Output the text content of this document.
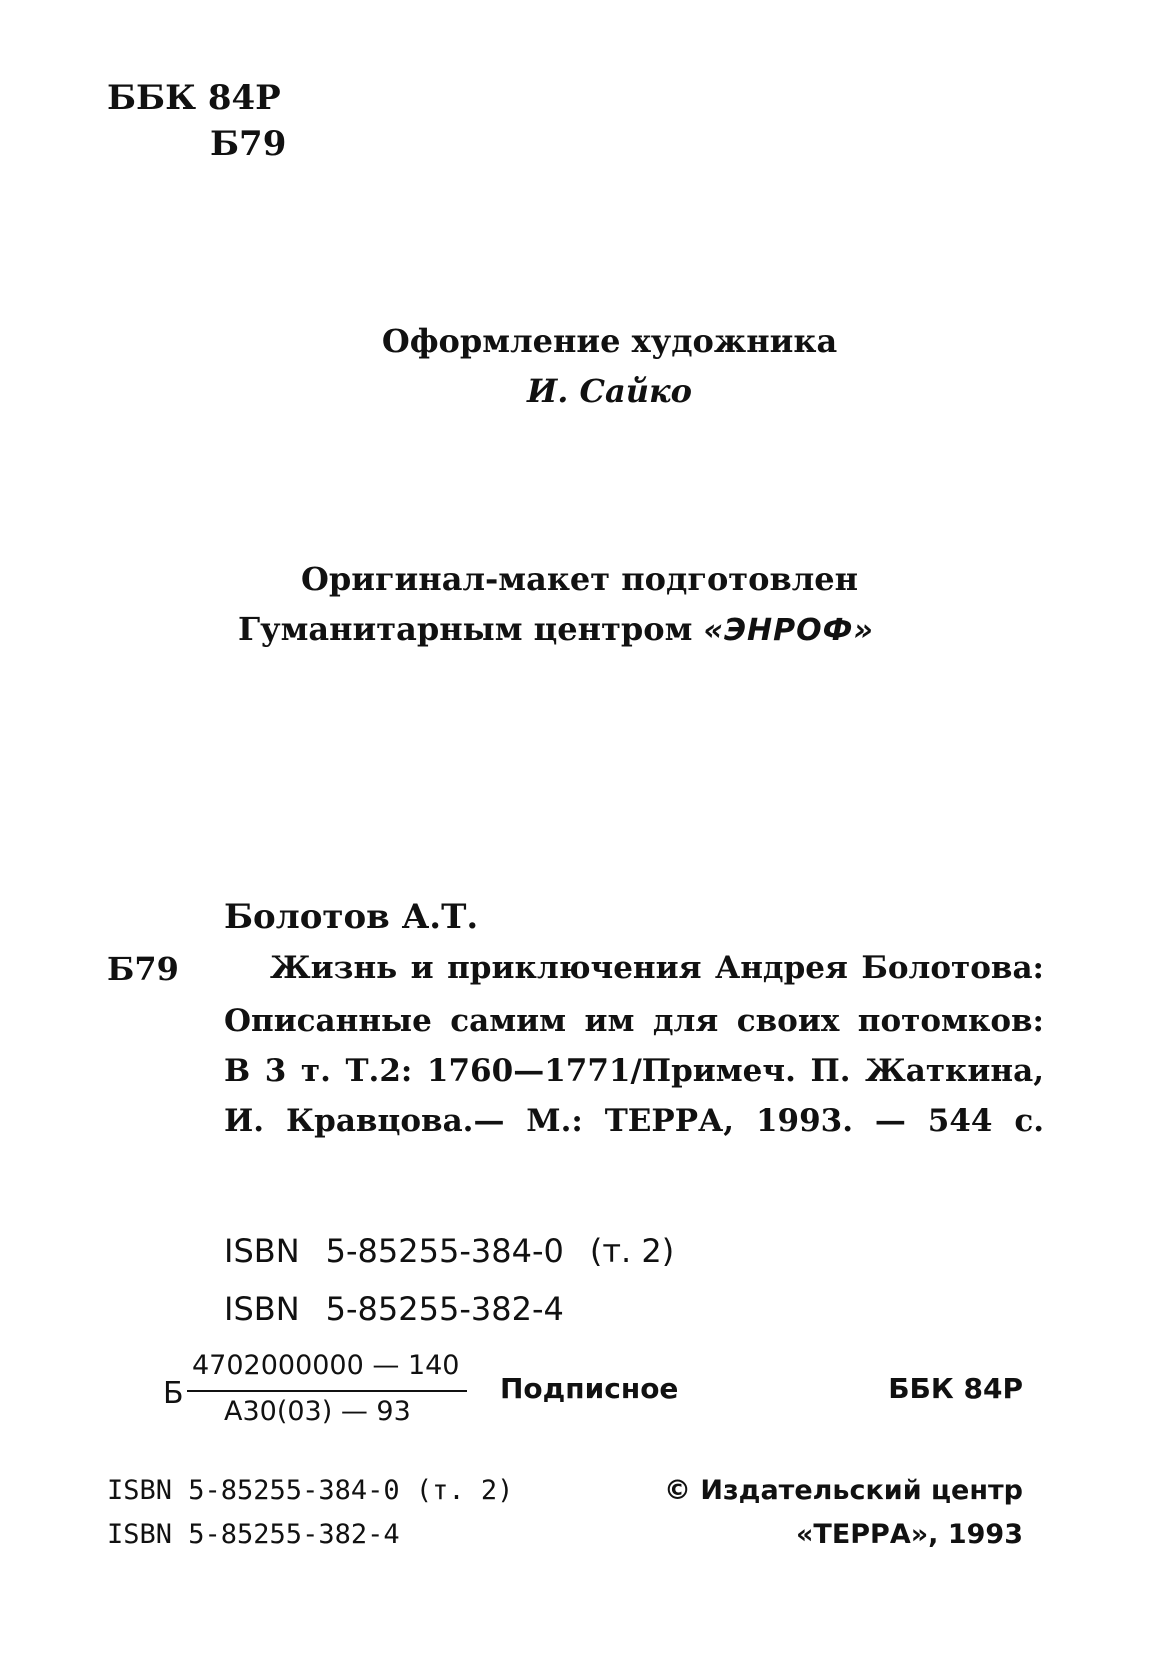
ББК 84Р
Б79
Оформление художника
И. Сайко
Оригинал-макет подготовлен
Гуманитарным центром «ЭНРОФ»
Болотов А.Т.
Б79	Жизнь и приключения Андрея Болотова:
Описанные самим им для своих потомков:
В 3 т. Т.2: 1760—1771/Примеч. П. Жаткина,
И. Кравцова.— М.: ТЕРРА, 1993. — 544 с.
ISBN 5-85255-384-0 (т. 2)
ISBN 5-85255-382-4
Б
4702000000 — 140
А30(03) — 93
Подписное	ББК 84Р
ISBN 5-85255-384-0 (т. 2)
ISBN 5-85255-382-4
© Издательский центр
«ТЕРРА», 1993
